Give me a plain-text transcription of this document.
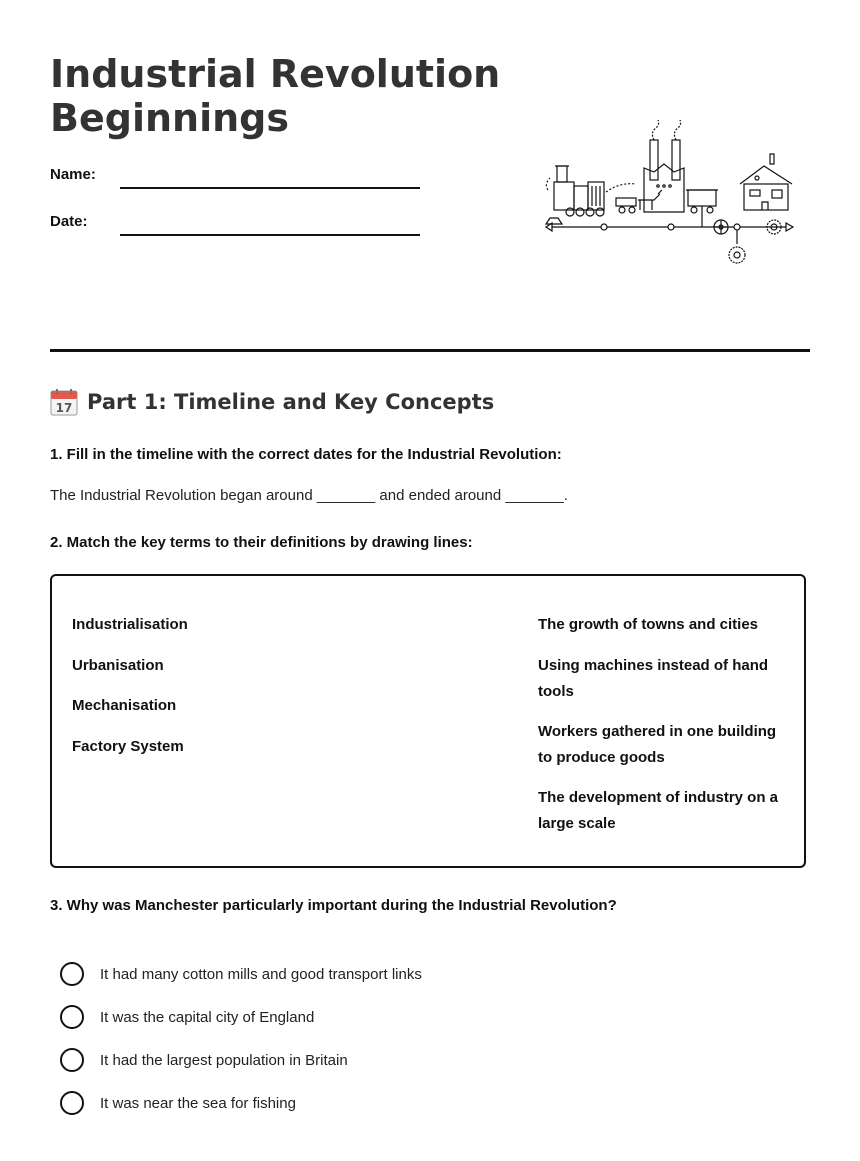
Industrial Revolution
Beginnings
Name:
Date:
17 Part 1: Timeline and Key Concepts

1. Fill in the timeline with the correct dates for the Industrial Revolution:

The Industrial Revolution began around _______ and ended around _______.

2. Match the key terms to their definitions by drawing lines:

Industrialisation
Urbanisation
Mechanisation
Factory System
The growth of towns and cities
Using machines instead of hand tools
Workers gathered in one building to produce goods
The development of industry on a large scale

3. Why was Manchester particularly important during the Industrial Revolution?

It had many cotton mills and good transport links
It was the capital city of England
It had the largest population in Britain
It was near the sea for fishing
